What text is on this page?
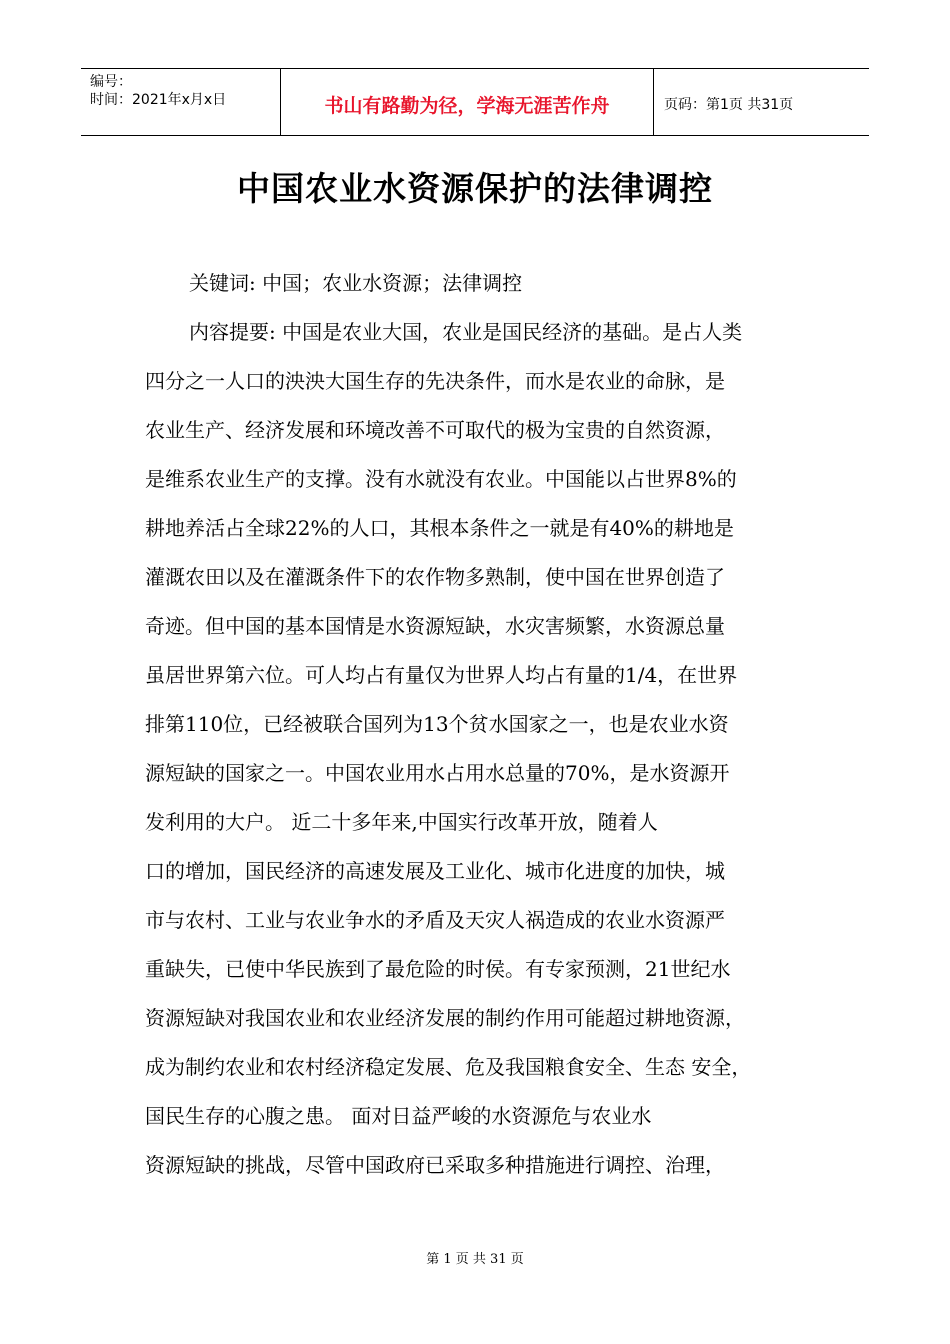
编号：
时间：2021年x月x日	书山有路勤为径，学海无涯苦作舟	页码：第1页 共31页
中国农业水资源保护的法律调控
关键词: 中国；农业水资源；法律调控
内容提要: 中国是农业大国，农业是国民经济的基础。是占人类
四分之一人口的泱泱大国生存的先决条件，而水是农业的命脉，是
农业生产、经济发展和环境改善不可取代的极为宝贵的自然资源，
是维系农业生产的支撑。没有水就没有农业。中国能以占世界8%的
耕地养活占全球22%的人口，其根本条件之一就是有40%的耕地是
灌溉农田以及在灌溉条件下的农作物多熟制，使中国在世界创造了
奇迹。但中国的基本国情是水资源短缺，水灾害频繁，水资源总量
虽居世界第六位。可人均占有量仅为世界人均占有量的1/4，在世界
排第110位，已经被联合国列为13个贫水国家之一，也是农业水资
源短缺的国家之一。中国农业用水占用水总量的70%，是水资源开
发利用的大户。 近二十多年来,中国实行改革开放，随着人
口的增加，国民经济的高速发展及工业化、城市化进度的加快，城
市与农村、工业与农业争水的矛盾及天灾人祸造成的农业水资源严
重缺失，已使中华民族到了最危险的时侯。有专家预测，21世纪水
资源短缺对我国农业和农业经济发展的制约作用可能超过耕地资源，
成为制约农业和农村经济稳定发展、危及我国粮食安全、生态 安全，
国民生存的心腹之患。 面对日益严峻的水资源危与农业水
资源短缺的挑战，尽管中国政府已采取多种措施进行调控、治理，
第 1 页 共 31 页
